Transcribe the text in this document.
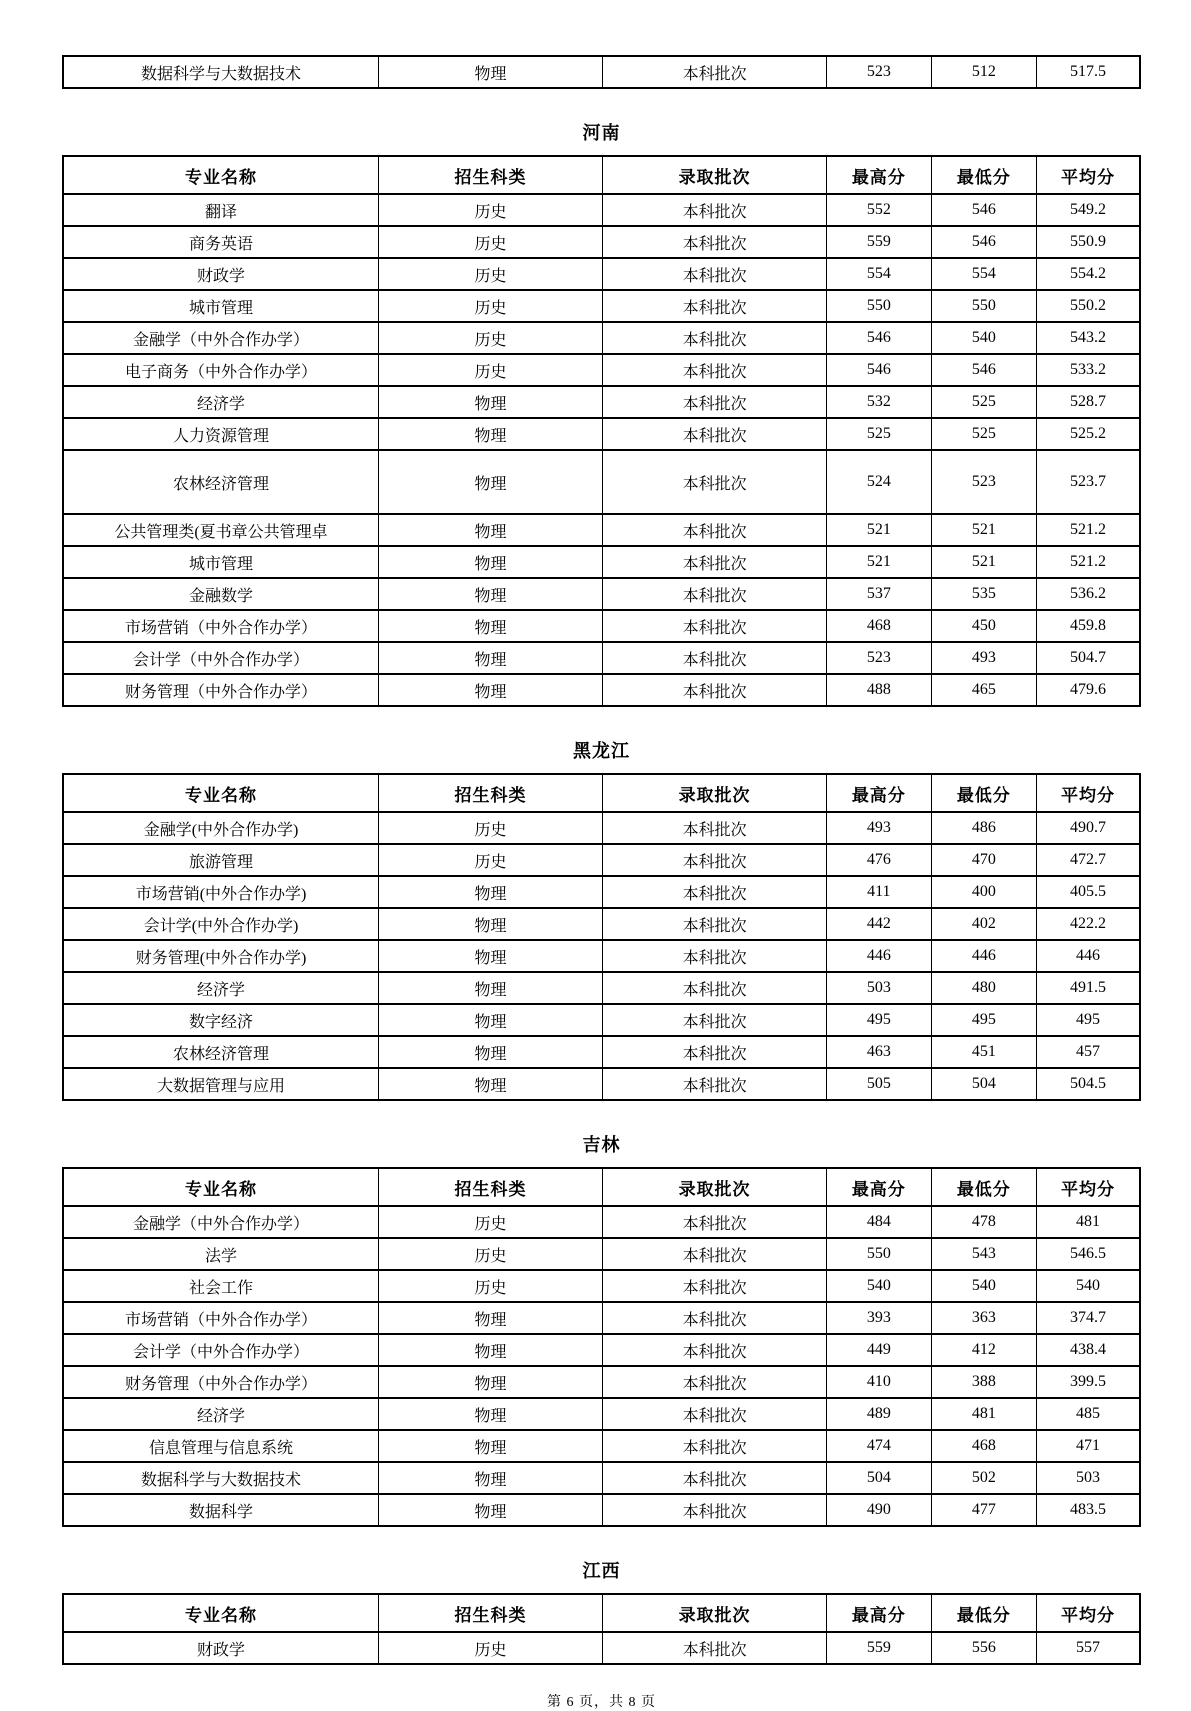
数据科学与大数据技术	物理	本科批次	523	512	517.5
河南
专业名称	招生科类	录取批次	最高分	最低分	平均分
翻译	历史	本科批次	552	546	549.2
商务英语	历史	本科批次	559	546	550.9
财政学	历史	本科批次	554	554	554.2
城市管理	历史	本科批次	550	550	550.2
金融学（中外合作办学）	历史	本科批次	546	540	543.2
电子商务（中外合作办学）	历史	本科批次	546	546	533.2
经济学	物理	本科批次	532	525	528.7
人力资源管理	物理	本科批次	525	525	525.2
农林经济管理	物理	本科批次	524	523	523.7
公共管理类(夏书章公共管理卓	物理	本科批次	521	521	521.2
城市管理	物理	本科批次	521	521	521.2
金融数学	物理	本科批次	537	535	536.2
市场营销（中外合作办学）	物理	本科批次	468	450	459.8
会计学（中外合作办学）	物理	本科批次	523	493	504.7
财务管理（中外合作办学）	物理	本科批次	488	465	479.6
黑龙江
专业名称	招生科类	录取批次	最高分	最低分	平均分
金融学(中外合作办学)	历史	本科批次	493	486	490.7
旅游管理	历史	本科批次	476	470	472.7
市场营销(中外合作办学)	物理	本科批次	411	400	405.5
会计学(中外合作办学)	物理	本科批次	442	402	422.2
财务管理(中外合作办学)	物理	本科批次	446	446	446
经济学	物理	本科批次	503	480	491.5
数字经济	物理	本科批次	495	495	495
农林经济管理	物理	本科批次	463	451	457
大数据管理与应用	物理	本科批次	505	504	504.5
吉林
专业名称	招生科类	录取批次	最高分	最低分	平均分
金融学（中外合作办学）	历史	本科批次	484	478	481
法学	历史	本科批次	550	543	546.5
社会工作	历史	本科批次	540	540	540
市场营销（中外合作办学）	物理	本科批次	393	363	374.7
会计学（中外合作办学）	物理	本科批次	449	412	438.4
财务管理（中外合作办学）	物理	本科批次	410	388	399.5
经济学	物理	本科批次	489	481	485
信息管理与信息系统	物理	本科批次	474	468	471
数据科学与大数据技术	物理	本科批次	504	502	503
数据科学	物理	本科批次	490	477	483.5
江西
专业名称	招生科类	录取批次	最高分	最低分	平均分
财政学	历史	本科批次	559	556	557
第 6 页，共 8 页
